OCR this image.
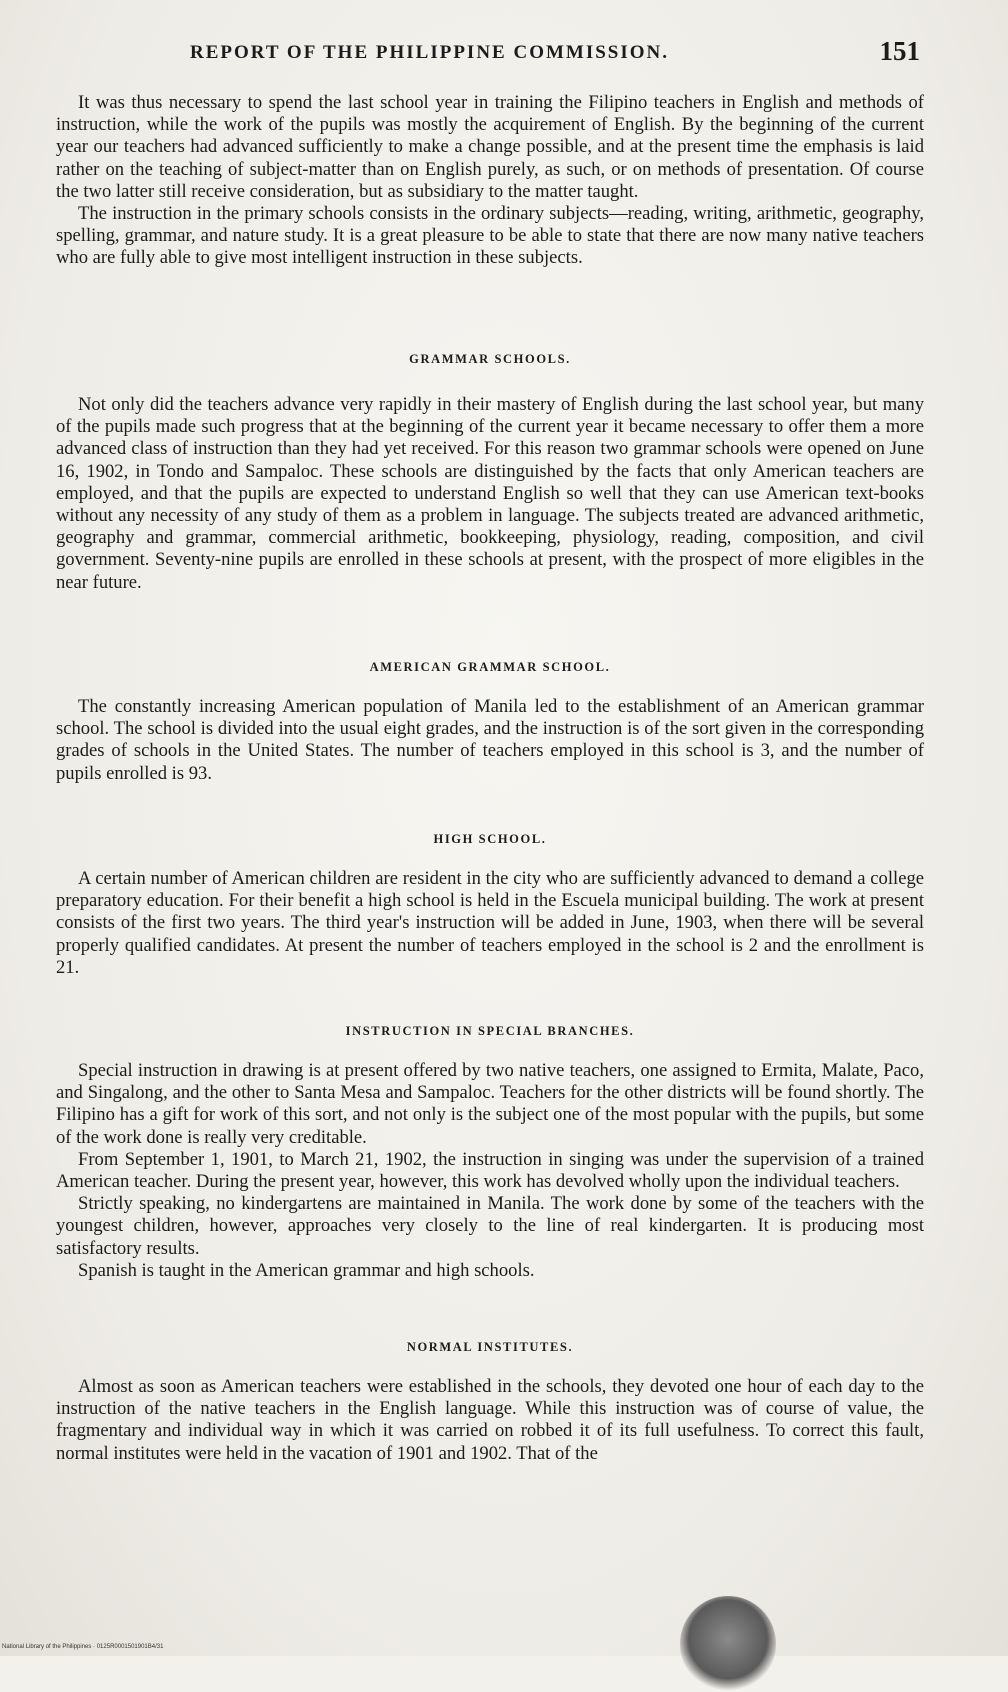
REPORT OF THE PHILIPPINE COMMISSION.	151

It was thus necessary to spend the last school year in training the Filipino teachers in English and methods of instruction, while the work of the pupils was mostly the acquirement of English. By the beginning of the current year our teachers had advanced sufficiently to make a change possible, and at the present time the emphasis is laid rather on the teaching of subject-matter than on English purely, as such, or on methods of presentation. Of course the two latter still receive consideration, but as subsidiary to the matter taught.

The instruction in the primary schools consists in the ordinary subjects—reading, writing, arithmetic, geography, spelling, grammar, and nature study. It is a great pleasure to be able to state that there are now many native teachers who are fully able to give most intelligent instruction in these subjects.

GRAMMAR SCHOOLS.

Not only did the teachers advance very rapidly in their mastery of English during the last school year, but many of the pupils made such progress that at the beginning of the current year it became necessary to offer them a more advanced class of instruction than they had yet received. For this reason two grammar schools were opened on June 16, 1902, in Tondo and Sampaloc. These schools are distinguished by the facts that only American teachers are employed, and that the pupils are expected to understand English so well that they can use American text-books without any necessity of any study of them as a problem in language. The subjects treated are advanced arithmetic, geography and grammar, commercial arithmetic, bookkeeping, physiology, reading, composition, and civil government. Seventy-nine pupils are enrolled in these schools at present, with the prospect of more eligibles in the near future.

AMERICAN GRAMMAR SCHOOL.

The constantly increasing American population of Manila led to the establishment of an American grammar school. The school is divided into the usual eight grades, and the instruction is of the sort given in the corresponding grades of schools in the United States. The number of teachers employed in this school is 3, and the number of pupils enrolled is 93.

HIGH SCHOOL.

A certain number of American children are resident in the city who are sufficiently advanced to demand a college preparatory education. For their benefit a high school is held in the Escuela municipal building. The work at present consists of the first two years. The third year's instruction will be added in June, 1903, when there will be several properly qualified candidates. At present the number of teachers employed in the school is 2 and the enrollment is 21.

INSTRUCTION IN SPECIAL BRANCHES.

Special instruction in drawing is at present offered by two native teachers, one assigned to Ermita, Malate, Paco, and Singalong, and the other to Santa Mesa and Sampaloc. Teachers for the other districts will be found shortly. The Filipino has a gift for work of this sort, and not only is the subject one of the most popular with the pupils, but some of the work done is really very creditable.

From September 1, 1901, to March 21, 1902, the instruction in singing was under the supervision of a trained American teacher. During the present year, however, this work has devolved wholly upon the individual teachers.

Strictly speaking, no kindergartens are maintained in Manila. The work done by some of the teachers with the youngest children, however, approaches very closely to the line of real kindergarten. It is producing most satisfactory results.

Spanish is taught in the American grammar and high schools.

NORMAL INSTITUTES.

Almost as soon as American teachers were established in the schools, they devoted one hour of each day to the instruction of the native teachers in the English language. While this instruction was of course of value, the fragmentary and individual way in which it was carried on robbed it of its full usefulness. To correct this fault, normal institutes were held in the vacation of 1901 and 1902. That of the

National Library of the Philippines · 0125R0001501901B4/31
